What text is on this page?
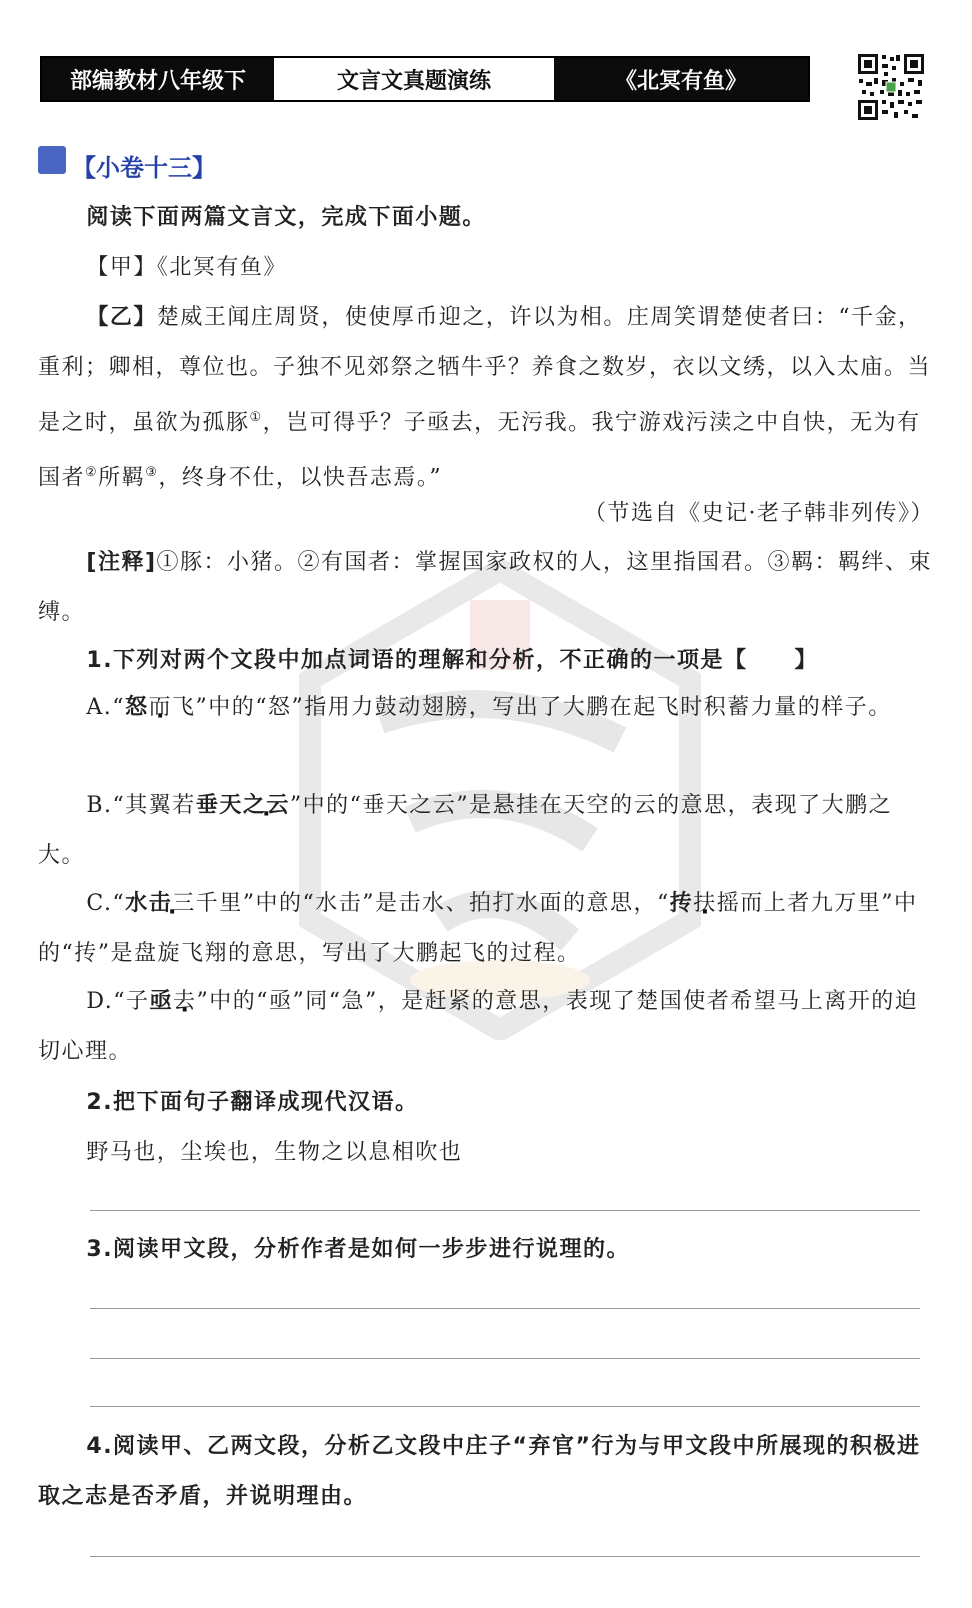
部编教材八年级下	文言文真题演练	《北冥有鱼》
【小卷十三】
阅读下面两篇文言文，完成下面小题。
【甲】《北冥有鱼》
【乙】楚威王闻庄周贤，使使厚币迎之，许以为相。庄周笑谓楚使者曰：“千金，重利；卿相，尊位也。子独不见郊祭之牺牛乎？养食之数岁，衣以文绣，以入太庙。当是之时，虽欲为孤豚①，岂可得乎？子亟去，无污我。我宁游戏污渎之中自快，无为有国者②所羁③，终身不仕，以快吾志焉。”
（节选自《史记·老子韩非列传》）
[注释]①豚：小猪。②有国者：掌握国家政权的人，这里指国君。③羁：羁绊、束缚。
1.下列对两个文段中加点词语的理解和分析，不正确的一项是【　　】
A.“怒而飞”中的“怒”指用力鼓动翅膀，写出了大鹏在起飞时积蓄力量的样子。
B.“其翼若垂天之云”中的“垂天之云”是悬挂在天空的云的意思，表现了大鹏之大。
C.“水击三千里”中的“水击”是击水、拍打水面的意思，“抟扶摇而上者九万里”中的“抟”是盘旋飞翔的意思，写出了大鹏起飞的过程。
D.“子亟去”中的“亟”同“急”，是赶紧的意思，表现了楚国使者希望马上离开的迫切心理。
2.把下面句子翻译成现代汉语。
野马也，尘埃也，生物之以息相吹也
3.阅读甲文段，分析作者是如何一步步进行说理的。
4.阅读甲、乙两文段，分析乙文段中庄子“弃官”行为与甲文段中所展现的积极进取之志是否矛盾，并说明理由。
